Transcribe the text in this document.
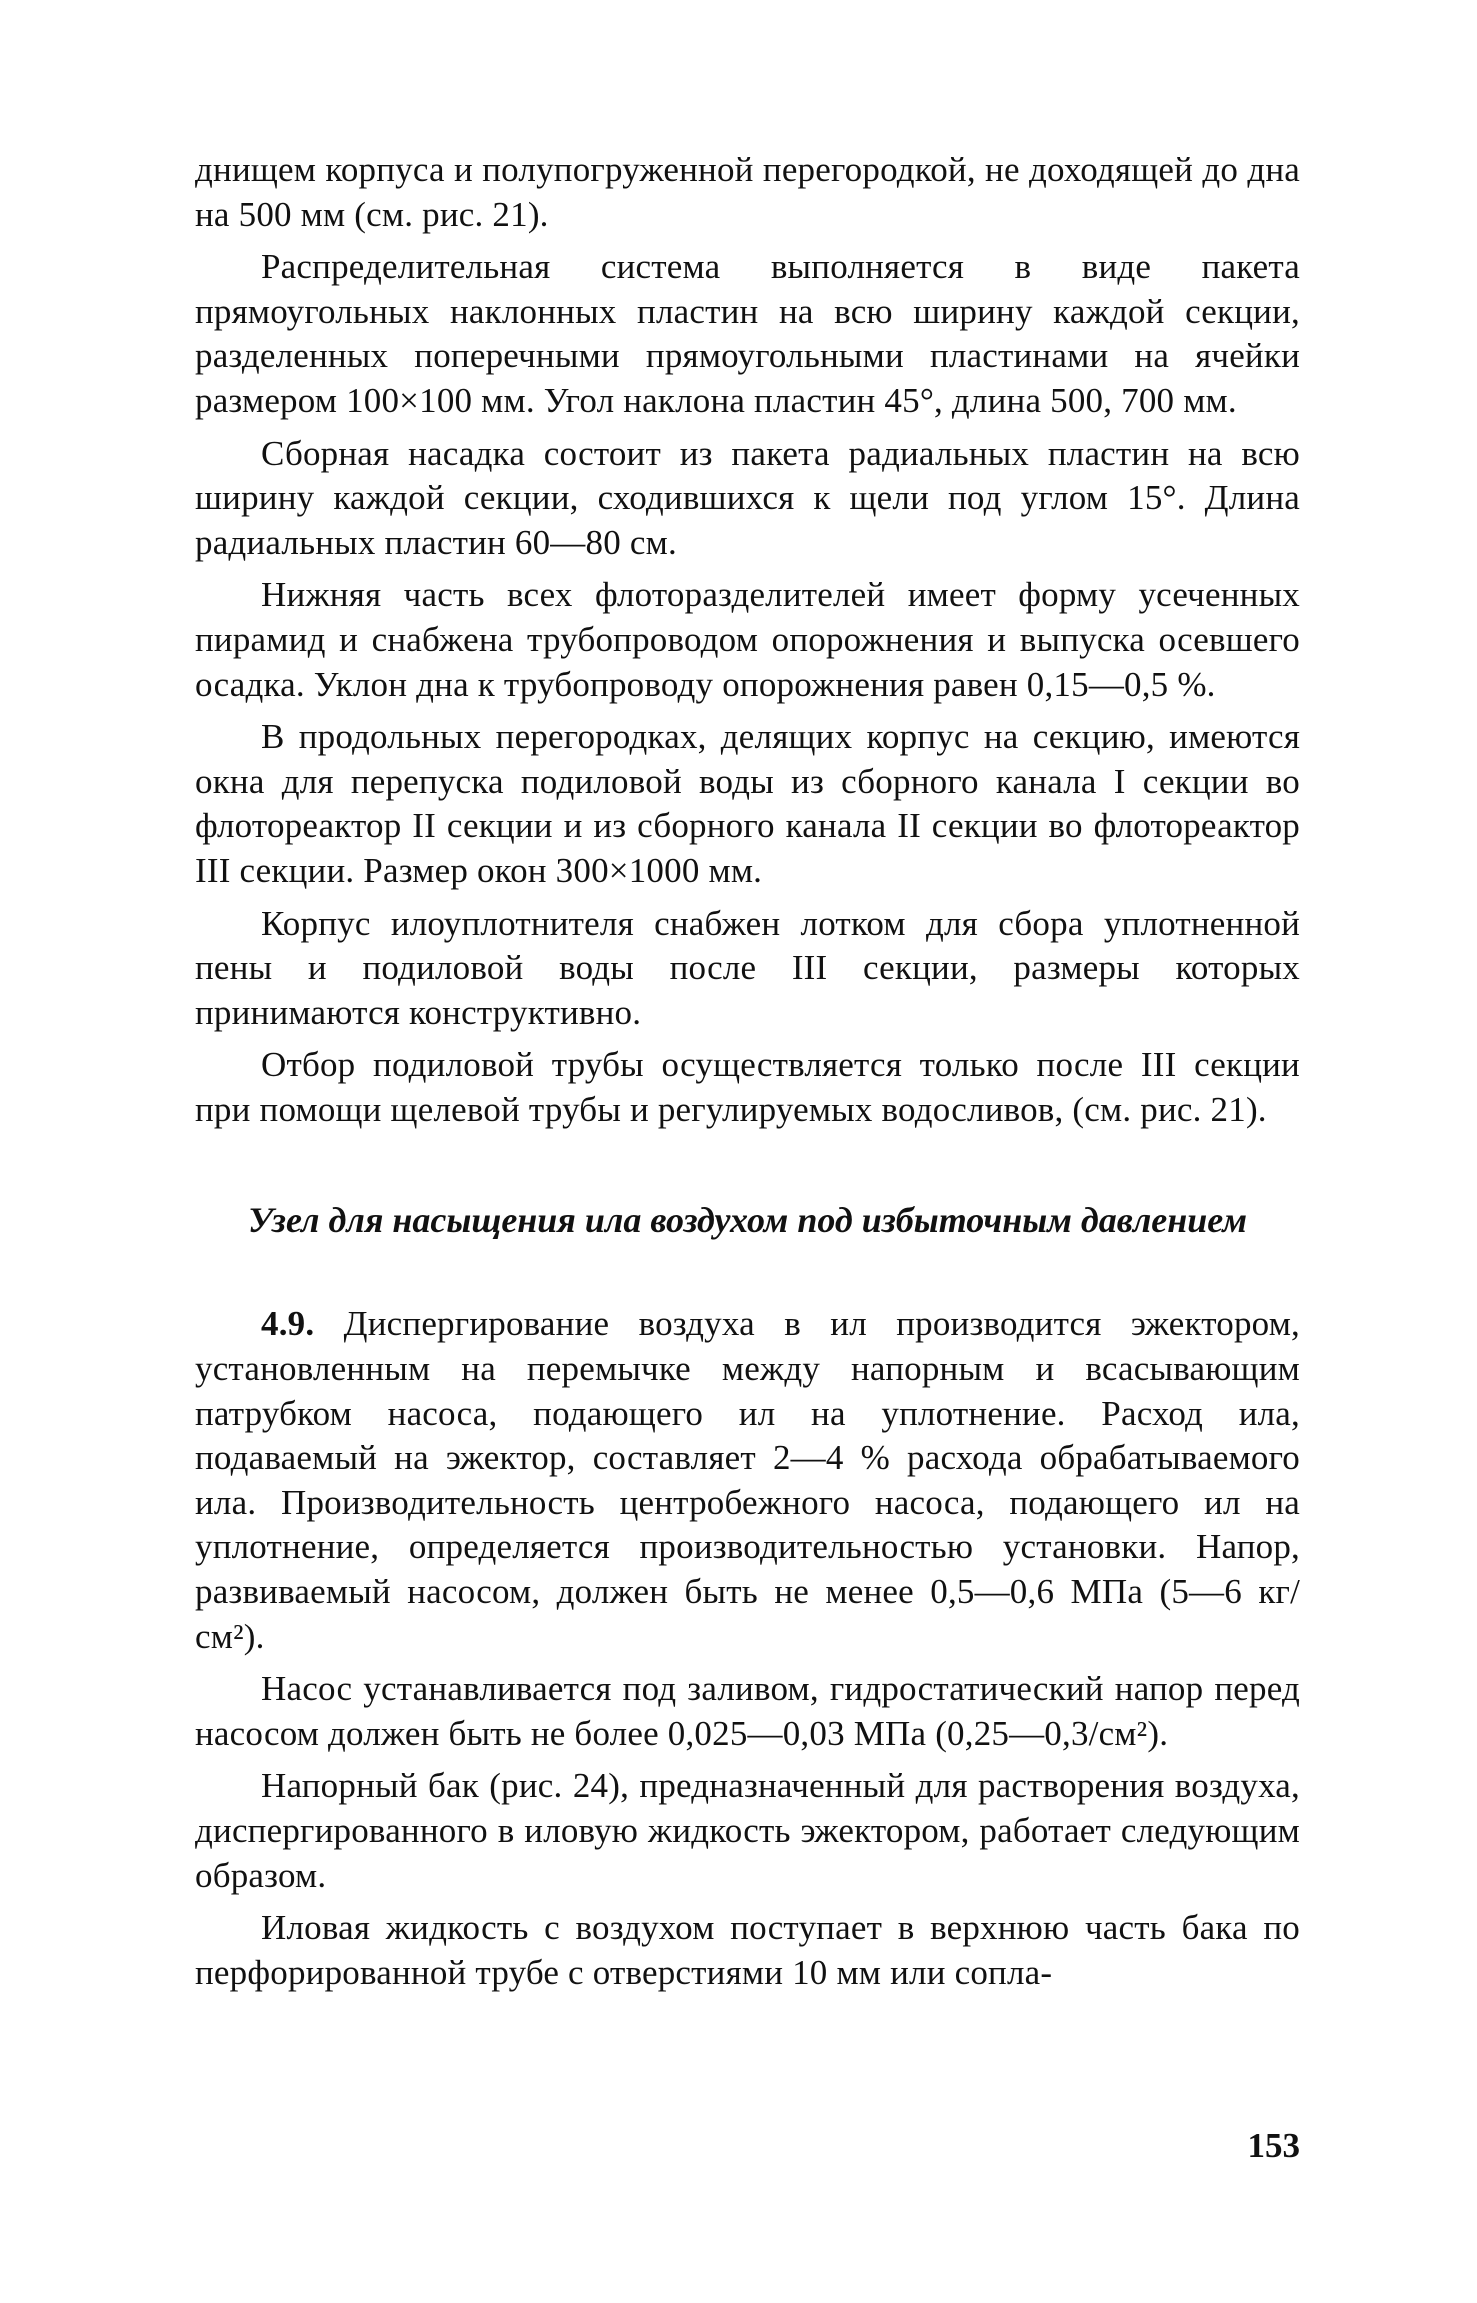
днищем корпуса и полупогруженной перегородкой, не доходящей до дна на 500 мм (см. рис. 21).

Распределительная система выполняется в виде пакета прямоугольных наклонных пластин на всю ширину каждой секции, разделенных поперечными прямоугольными пластинами на ячейки размером 100×100 мм. Угол наклона пластин 45°, длина 500, 700 мм.

Сборная насадка состоит из пакета радиальных пластин на всю ширину каждой секции, сходившихся к щели под углом 15°. Длина радиальных пластин 60—80 см.

Нижняя часть всех флоторазделителей имеет форму усеченных пирамид и снабжена трубопроводом опорожнения и выпуска осевшего осадка. Уклон дна к трубопроводу опорожнения равен 0,15—0,5 %.

В продольных перегородках, делящих корпус на секцию, имеются окна для перепуска подиловой воды из сборного канала I секции во флотореактор II секции и из сборного канала II секции во флотореактор III секции. Размер окон 300×1000 мм.

Корпус илоуплотнителя снабжен лотком для сбора уплотненной пены и подиловой воды после III секции, размеры которых принимаются конструктивно.

Отбор подиловой трубы осуществляется только после III секции при помощи щелевой трубы и регулируемых водосливов, (см. рис. 21).

Узел для насыщения ила воздухом под избыточным давлением

4.9. Диспергирование воздуха в ил производится эжектором, установленным на перемычке между напорным и всасывающим патрубком насоса, подающего ил на уплотнение. Расход ила, подаваемый на эжектор, составляет 2—4 % расхода обрабатываемого ила. Производительность центробежного насоса, подающего ил на уплотнение, определяется производительностью установки. Напор, развиваемый насосом, должен быть не менее 0,5—0,6 МПа (5—6 кг/см²).

Насос устанавливается под заливом, гидростатический напор перед насосом должен быть не более 0,025—0,03 МПа (0,25—0,3/см²).

Напорный бак (рис. 24), предназначенный для растворения воздуха, диспергированного в иловую жидкость эжектором, работает следующим образом.

Иловая жидкость с воздухом поступает в верхнюю часть бака по перфорированной трубе с отверстиями 10 мм или сопла-

153
